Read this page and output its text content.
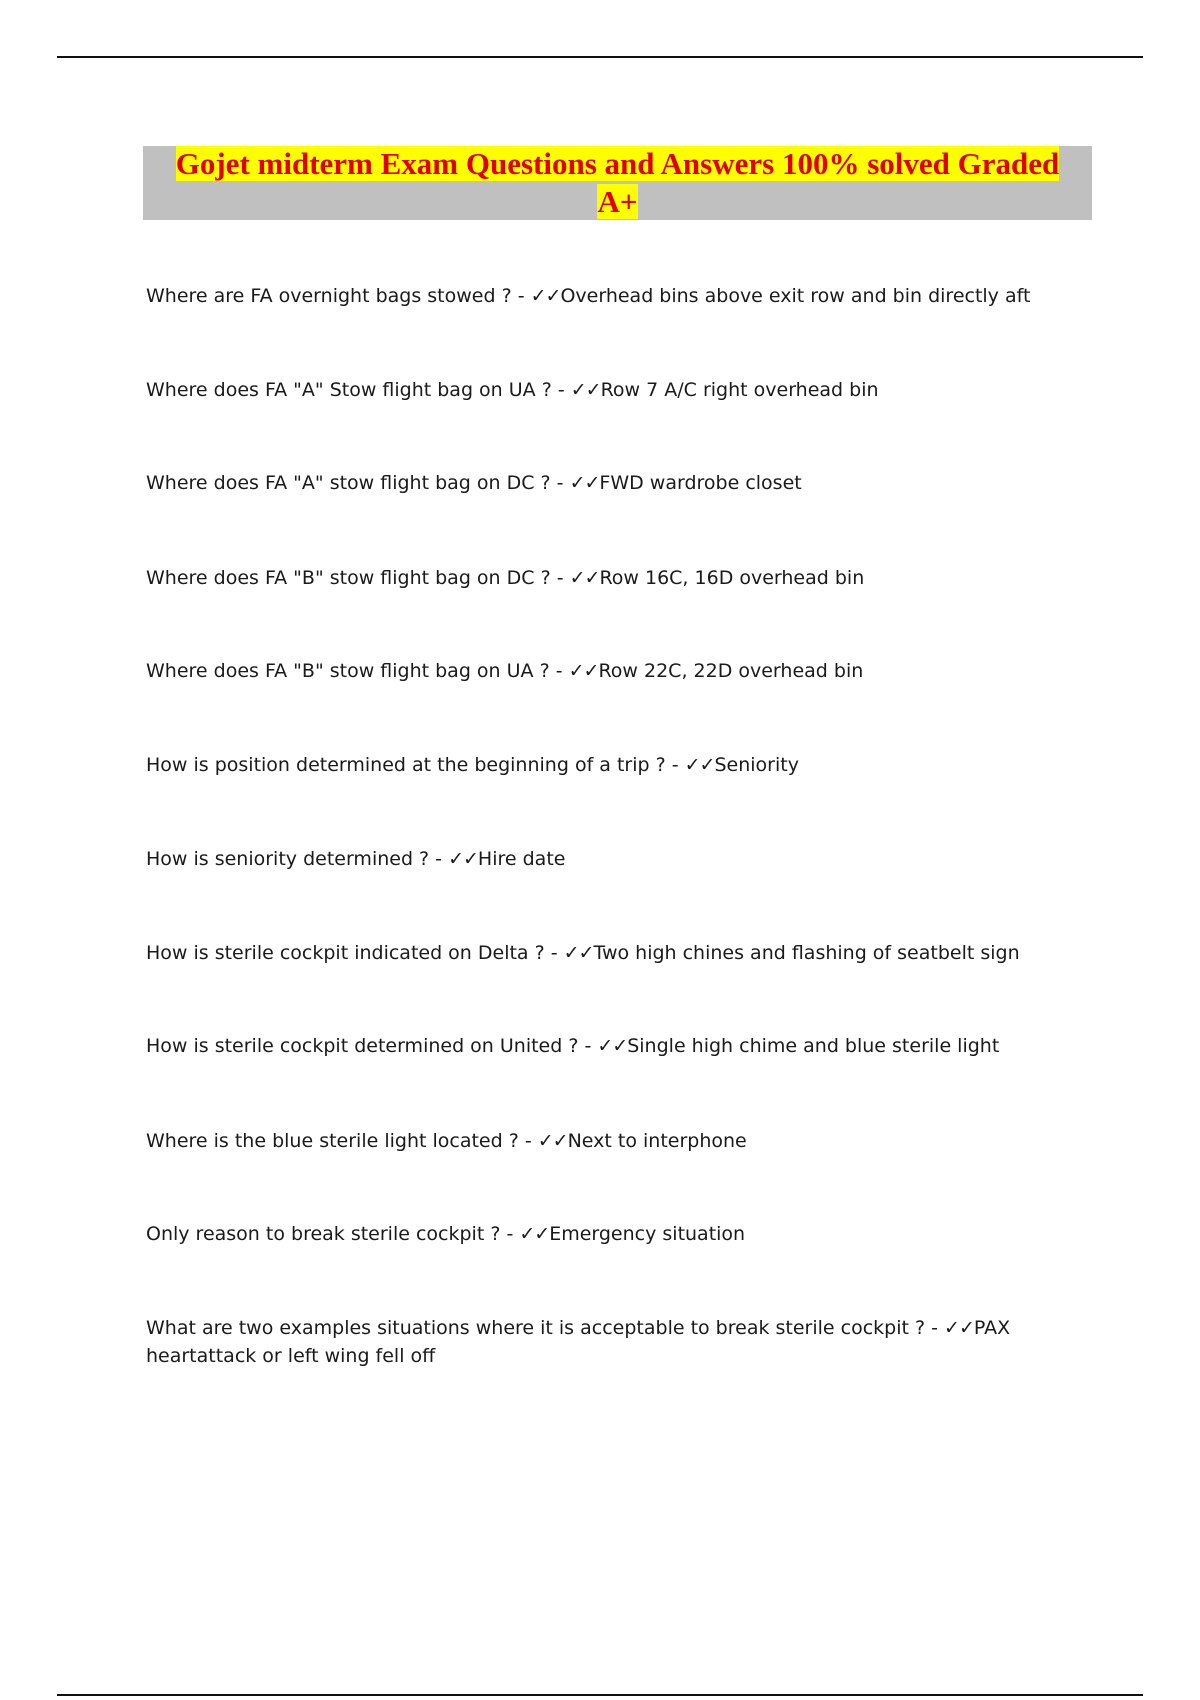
Gojet midterm Exam Questions and Answers 100% solved Graded A+
Where are FA overnight bags stowed ? - ✓✓Overhead bins above exit row and bin directly aft
Where does FA "A" Stow flight bag on UA ? - ✓✓Row 7 A/C right overhead bin
Where does FA "A" stow flight bag on DC ? - ✓✓FWD wardrobe closet
Where does FA "B" stow flight bag on DC ? - ✓✓Row 16C, 16D overhead bin
Where does FA "B" stow flight bag on UA ? - ✓✓Row 22C, 22D overhead bin
How is position determined at the beginning of a trip ? - ✓✓Seniority
How is seniority determined ? - ✓✓Hire date
How is sterile cockpit indicated on Delta ? - ✓✓Two high chines and flashing of seatbelt sign
How is sterile cockpit determined on United ? - ✓✓Single high chime and blue sterile light
Where is the blue sterile light located ? - ✓✓Next to interphone
Only reason to break sterile cockpit ? - ✓✓Emergency situation
What are two examples situations where it is acceptable to break sterile cockpit ? - ✓✓PAX heartattack or left wing fell off
